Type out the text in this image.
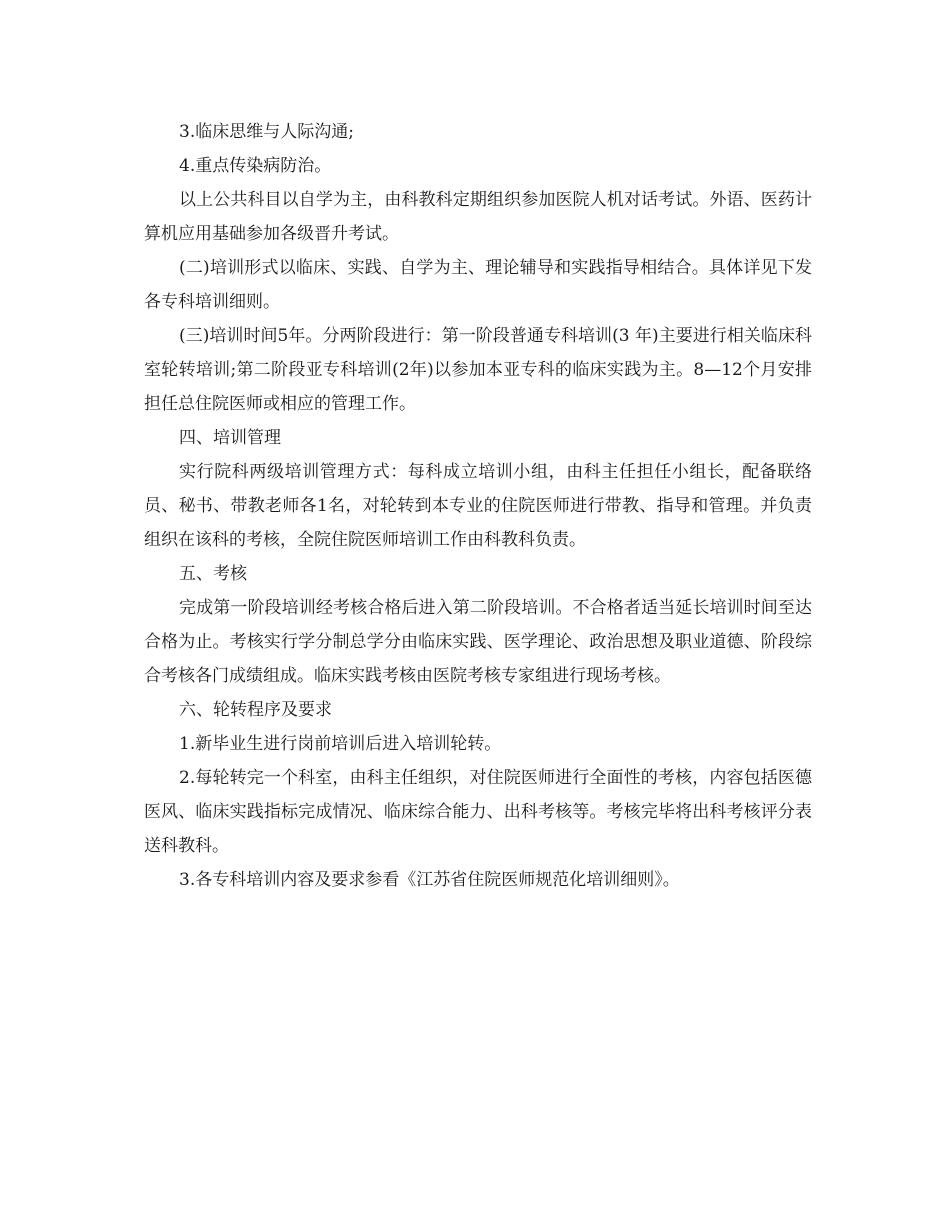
3.临床思维与人际沟通;

4.重点传染病防治。

以上公共科目以自学为主，由科教科定期组织参加医院人机对话考试。外语、医药计算机应用基础参加各级晋升考试。

(二)培训形式以临床、实践、自学为主、理论辅导和实践指导相结合。具体详见下发各专科培训细则。

(三)培训时间5年。分两阶段进行：第一阶段普通专科培训(3 年)主要进行相关临床科室轮转培训;第二阶段亚专科培训(2年)以参加本亚专科的临床实践为主。8—12个月安排担任总住院医师或相应的管理工作。

四、培训管理

实行院科两级培训管理方式：每科成立培训小组，由科主任担任小组长，配备联络员、秘书、带教老师各1名，对轮转到本专业的住院医师进行带教、指导和管理。并负责组织在该科的考核，全院住院医师培训工作由科教科负责。

五、考核

完成第一阶段培训经考核合格后进入第二阶段培训。不合格者适当延长培训时间至达合格为止。考核实行学分制总学分由临床实践、医学理论、政治思想及职业道德、阶段综合考核各门成绩组成。临床实践考核由医院考核专家组进行现场考核。

六、轮转程序及要求

1.新毕业生进行岗前培训后进入培训轮转。

2.每轮转完一个科室，由科主任组织，对住院医师进行全面性的考核，内容包括医德医风、临床实践指标完成情况、临床综合能力、出科考核等。考核完毕将出科考核评分表送科教科。

3.各专科培训内容及要求参看《江苏省住院医师规范化培训细则》。
